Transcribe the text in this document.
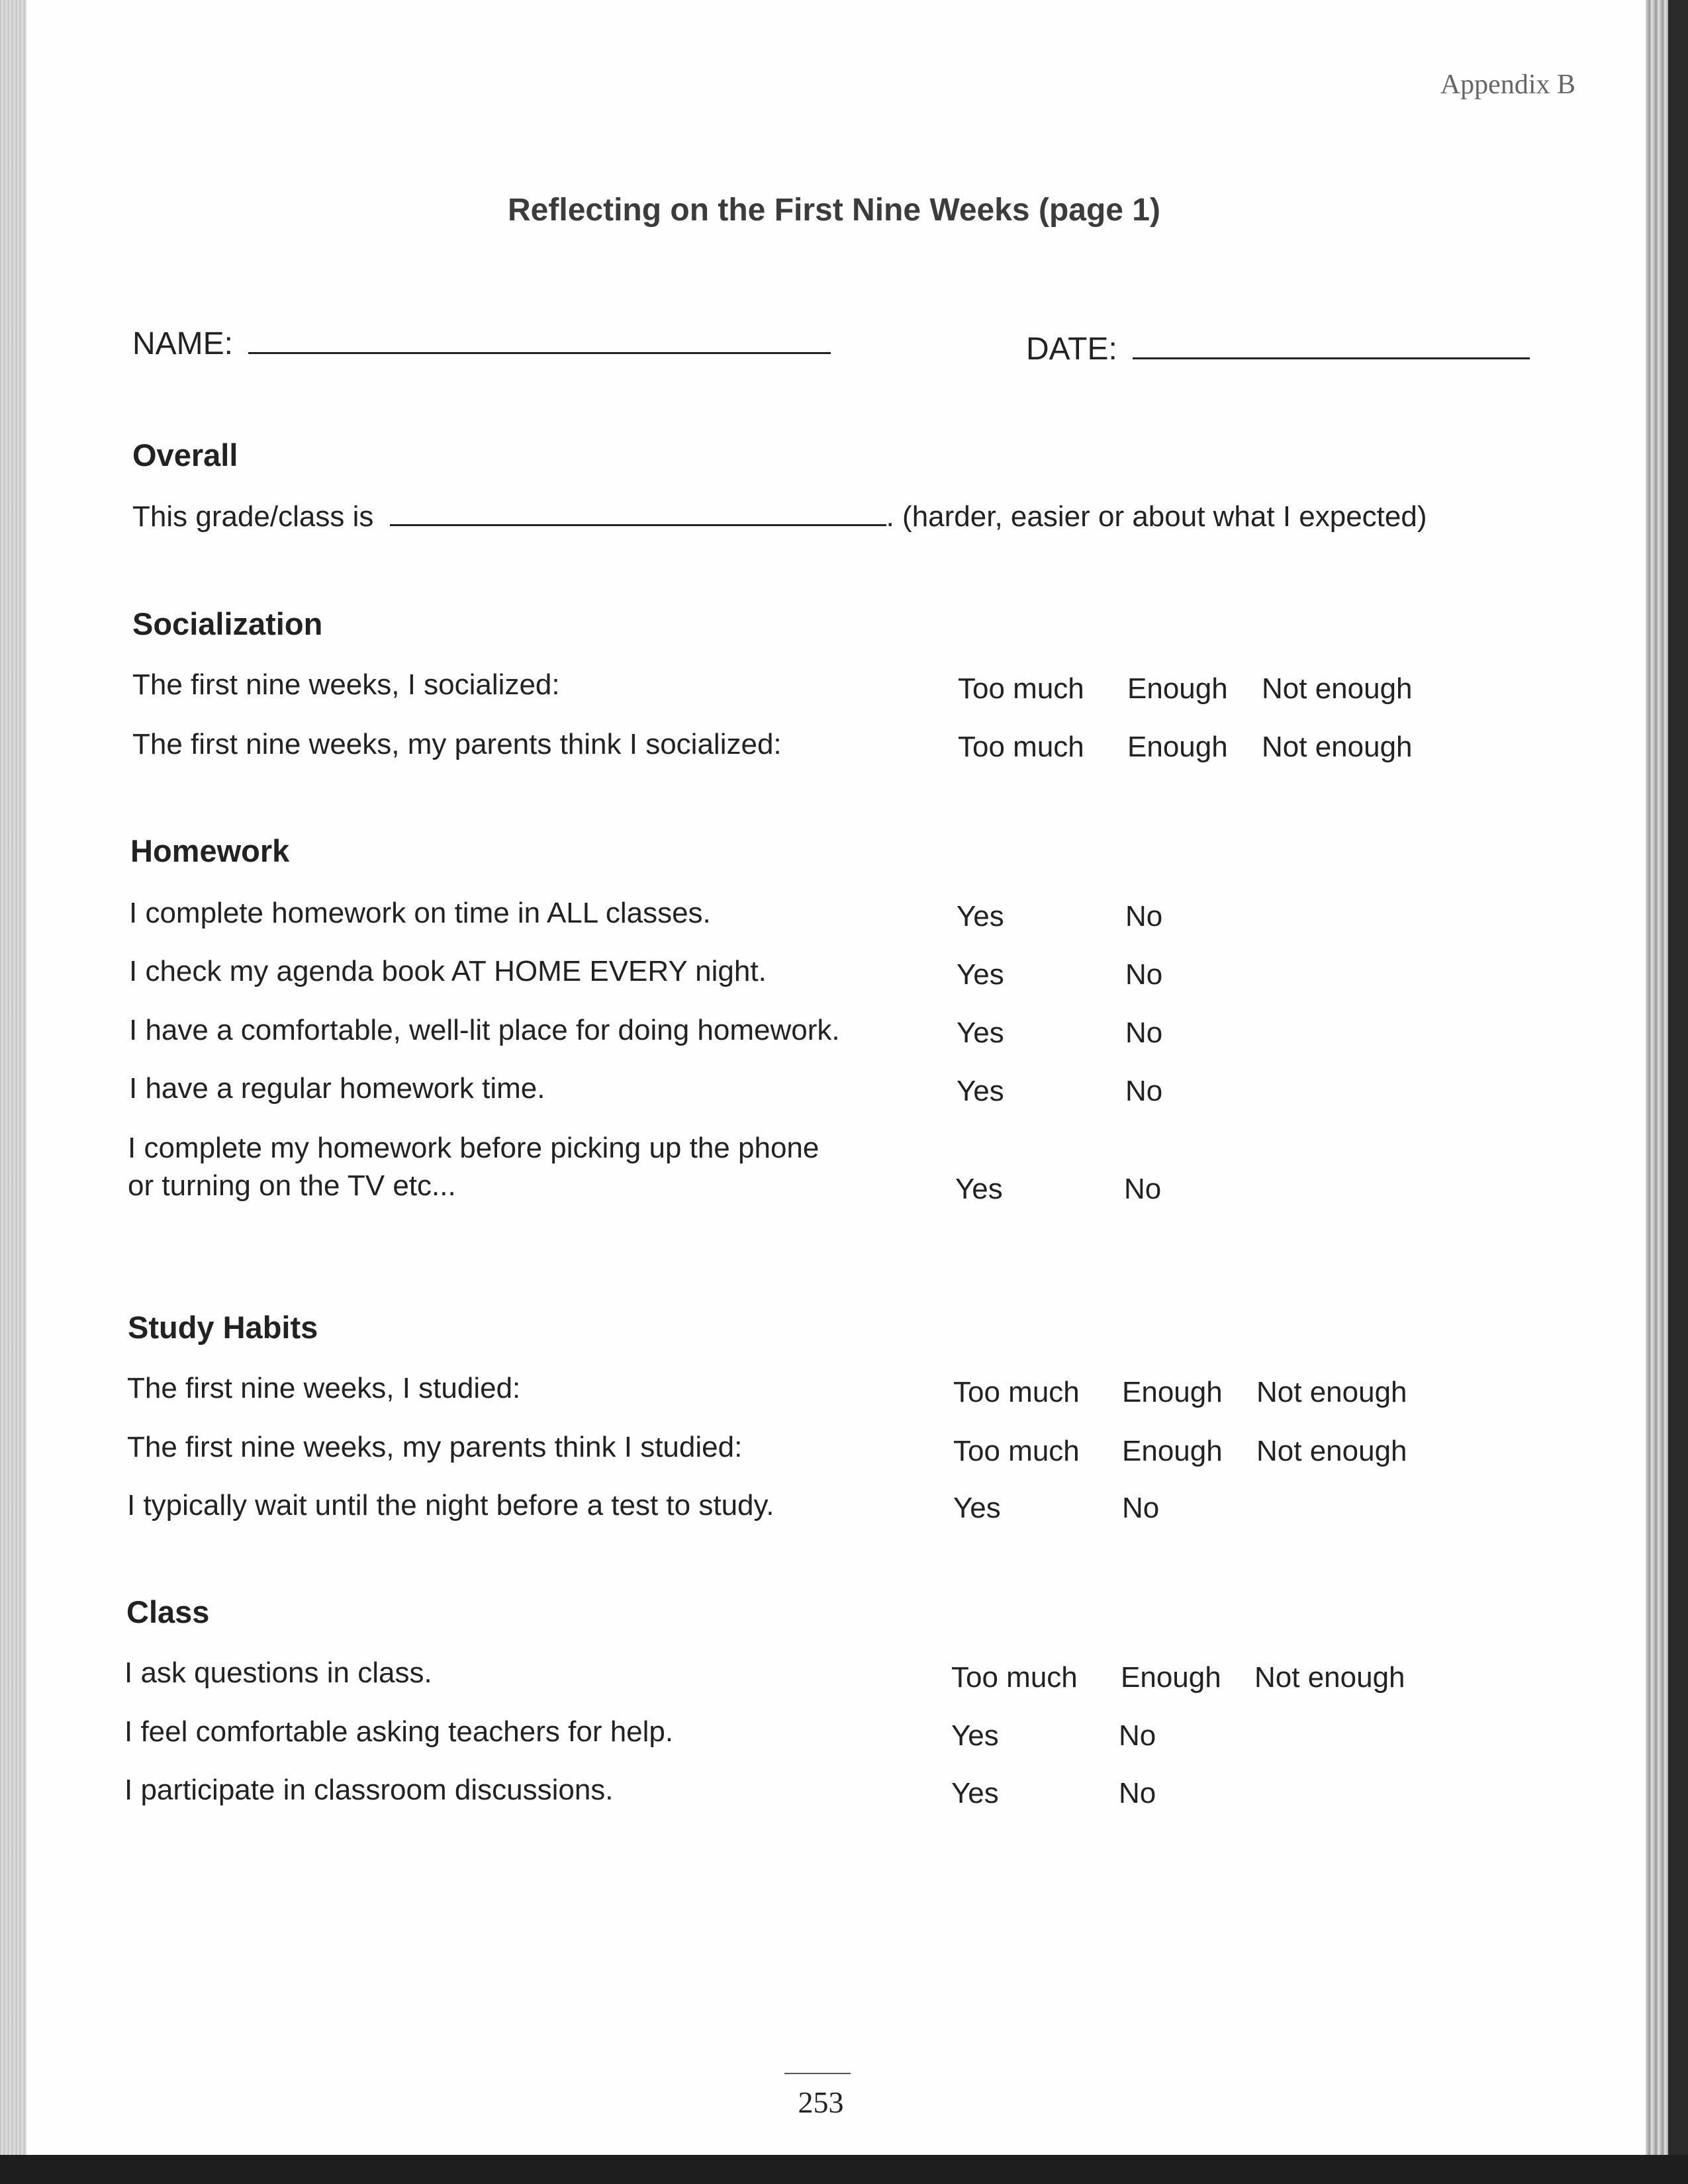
Appendix B
Reflecting on the First Nine Weeks (page 1)
NAME:	DATE:
Overall
This grade/class is	. (harder, easier or about what I expected)
Socialization
The first nine weeks, I socialized:	Too much Enough Not enough
The first nine weeks, my parents think I socialized:	Too much Enough Not enough
Homework
I complete homework on time in ALL classes.	Yes	No
I check my agenda book AT HOME EVERY night.	Yes	No
I have a comfortable, well-lit place for doing homework.	Yes	No
I have a regular homework time.	Yes	No
I complete my homework before picking up the phone
or turning on the TV etc...	Yes	No
Study Habits
The first nine weeks, I studied:	Too much Enough Not enough
The first nine weeks, my parents think I studied:	Too much Enough Not enough
I typically wait until the night before a test to study.	Yes	No
Class
I ask questions in class.	Too much Enough Not enough
I feel comfortable asking teachers for help.	Yes	No
I participate in classroom discussions.	Yes	No
253
